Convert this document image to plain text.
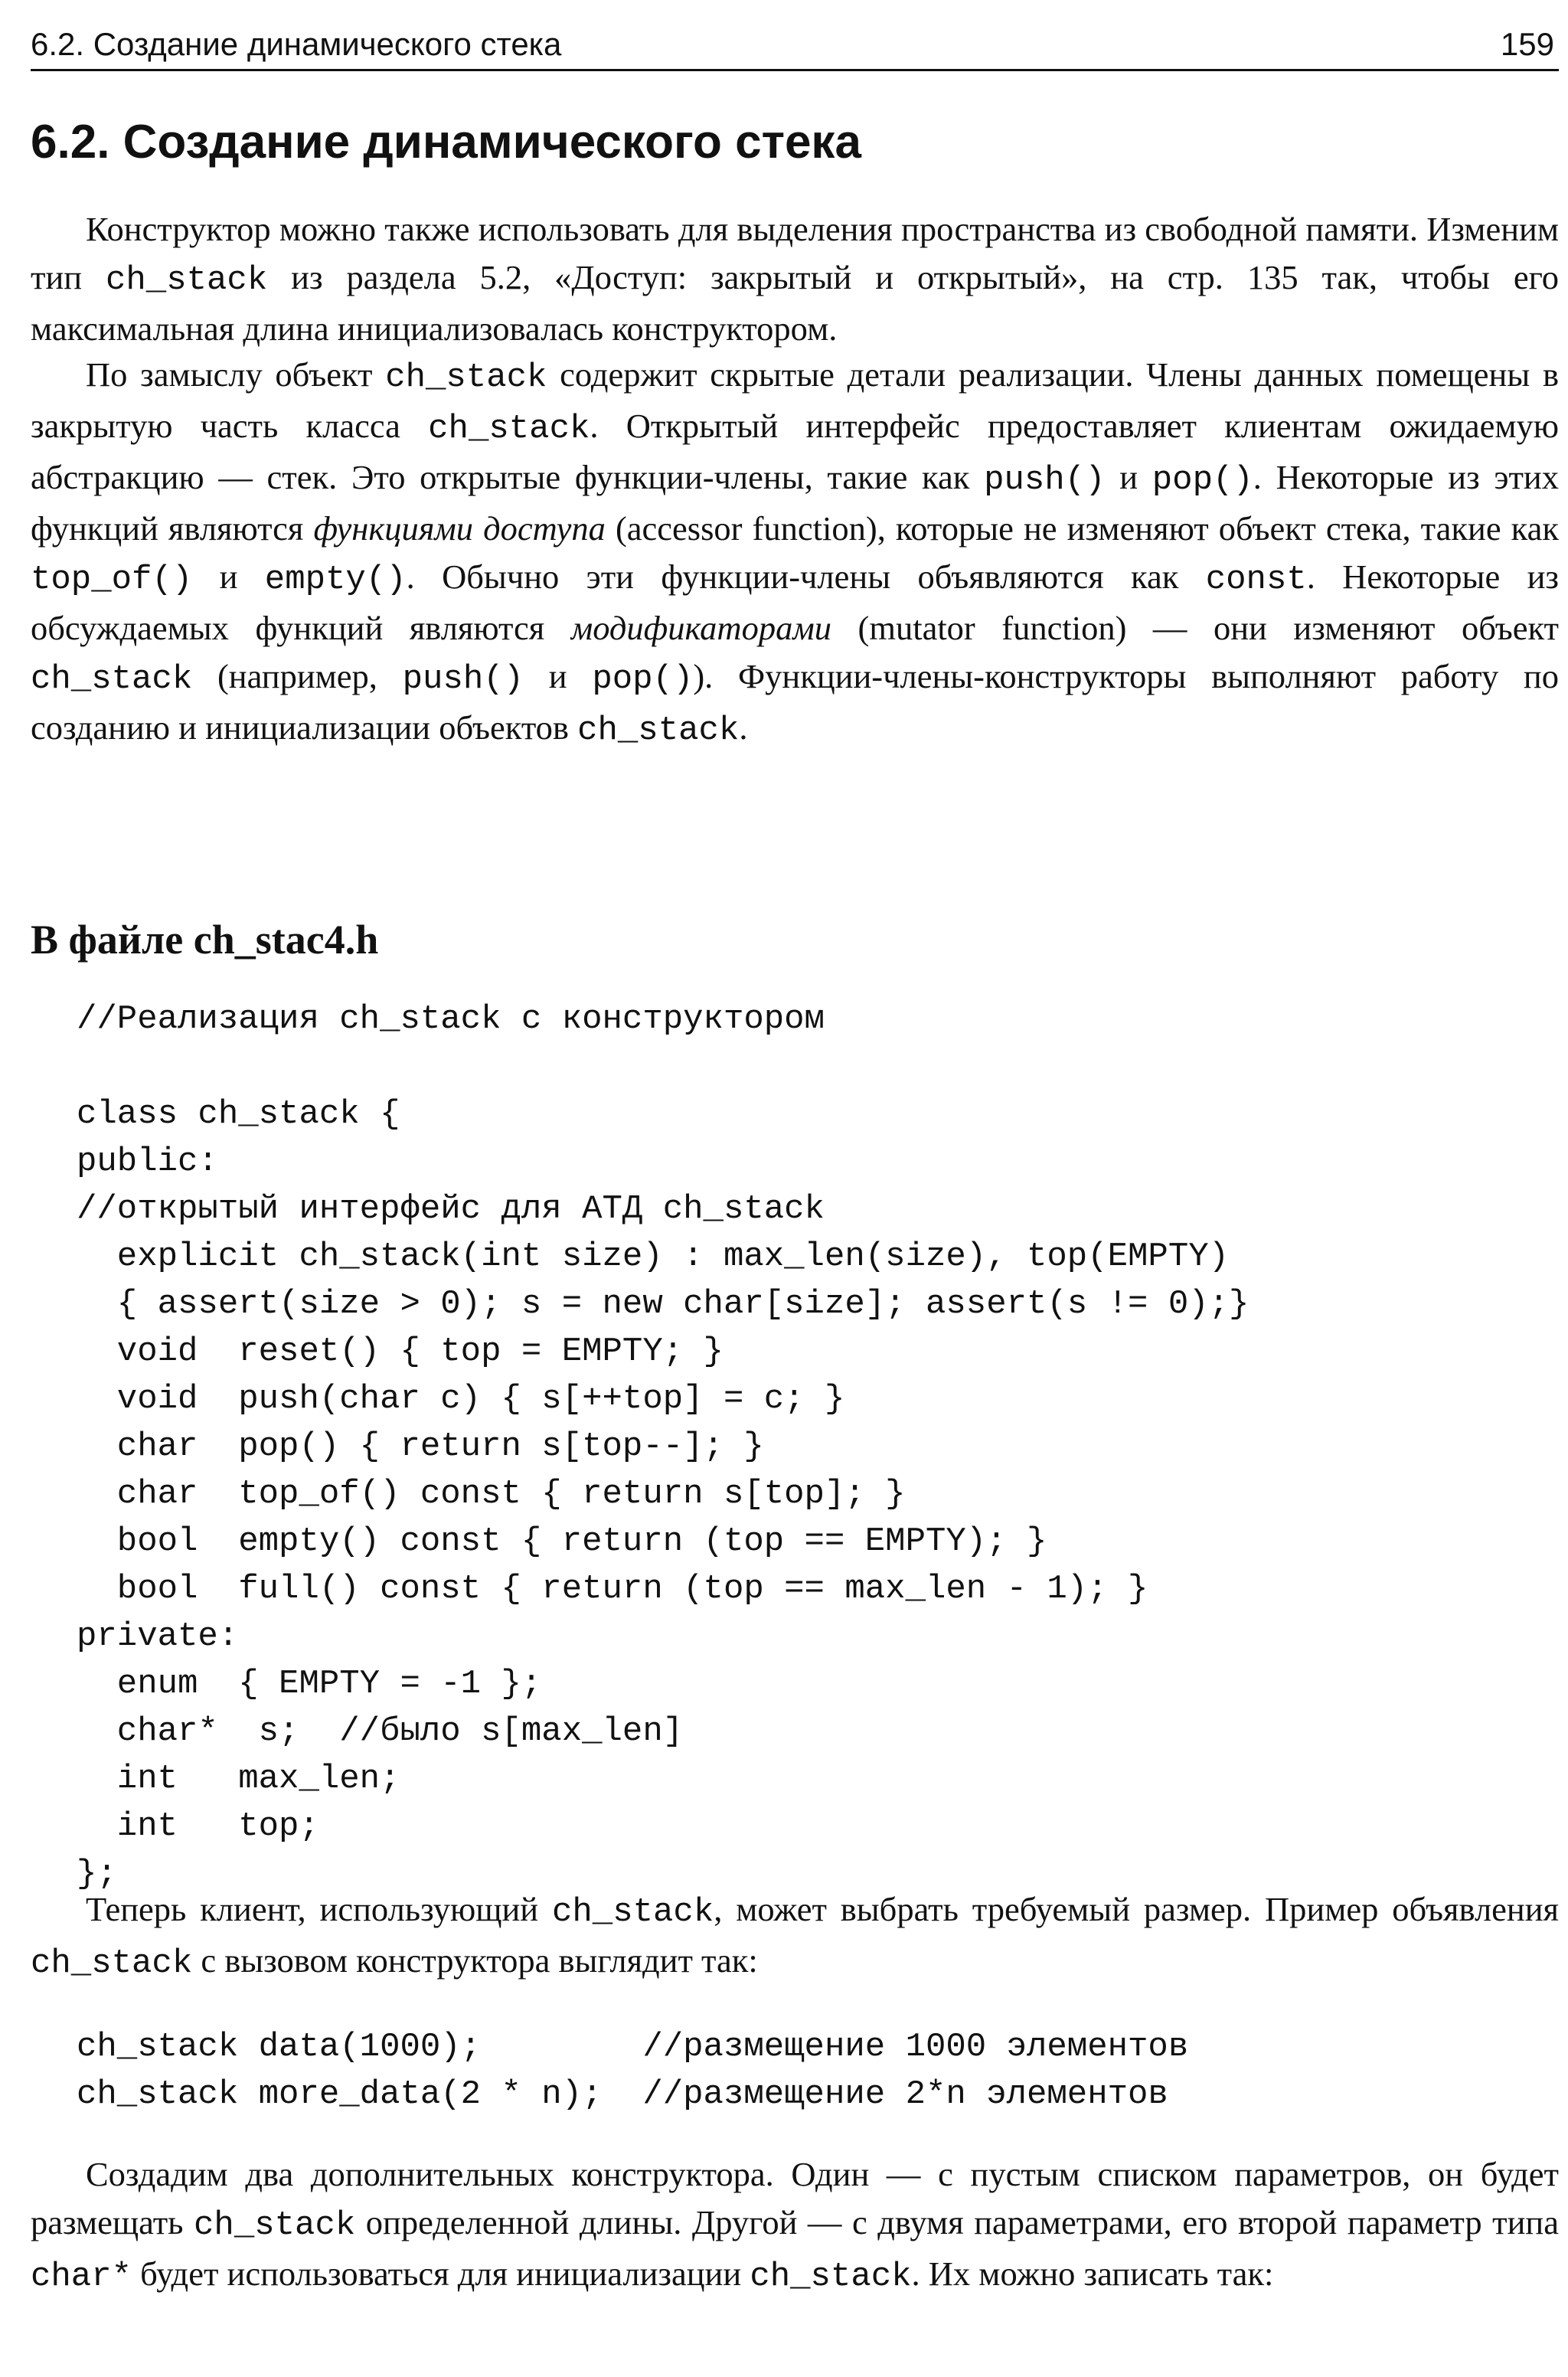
6.2. Создание динамического стека	159
6.2. Создание динамического стека

Конструктор можно также использовать для выделения пространства из свободной памяти. Изменим тип ch_stack из раздела 5.2, «Доступ: закрытый и открытый», на стр. 135 так, чтобы его максимальная длина инициализовалась конструктором.

По замыслу объект ch_stack содержит скрытые детали реализации. Члены данных помещены в закрытую часть класса ch_stack. Открытый интерфейс предоставляет клиентам ожидаемую абстракцию — стек. Это открытые функции-члены, такие как push() и pop(). Некоторые из этих функций являются функциями доступа (accessor function), которые не изменяют объект стека, такие как top_of() и empty(). Обычно эти функции-члены объявляются как const. Некоторые из обсуждаемых функций являются модификаторами (mutator function) — они изменяют объект ch_stack (например, push() и pop()). Функции-члены-конструкторы выполняют работу по созданию и инициализации объектов ch_stack.

В файле ch_stac4.h
//Реализация ch_stack с конструктором

class ch_stack {
public:
//открытый интерфейс для АТД ch_stack
explicit ch_stack(int size) : max_len(size), top(EMPTY)
{ assert(size > 0); s = new char[size]; assert(s != 0);}
void  reset() { top = EMPTY; }
void  push(char c) { s[++top] = c; }
char  pop() { return s[top--]; }
char  top_of() const { return s[top]; }
bool  empty() const { return (top == EMPTY); }
bool  full() const { return (top == max_len - 1); }
private:
enum  { EMPTY = -1 };
char*  s;  //было s[max_len]
int   max_len;
int   top;
};

Теперь клиент, использующий ch_stack, может выбрать требуемый размер. Пример объявления ch_stack с вызовом конструктора выглядит так:

ch_stack data(1000);        //размещение 1000 элементов
ch_stack more_data(2 * n);  //размещение 2*n элементов

Создадим два дополнительных конструктора. Один — с пустым списком параметров, он будет размещать ch_stack определенной длины. Другой — с двумя параметрами, его второй параметр типа char* будет использоваться для инициализации ch_stack. Их можно записать так:
